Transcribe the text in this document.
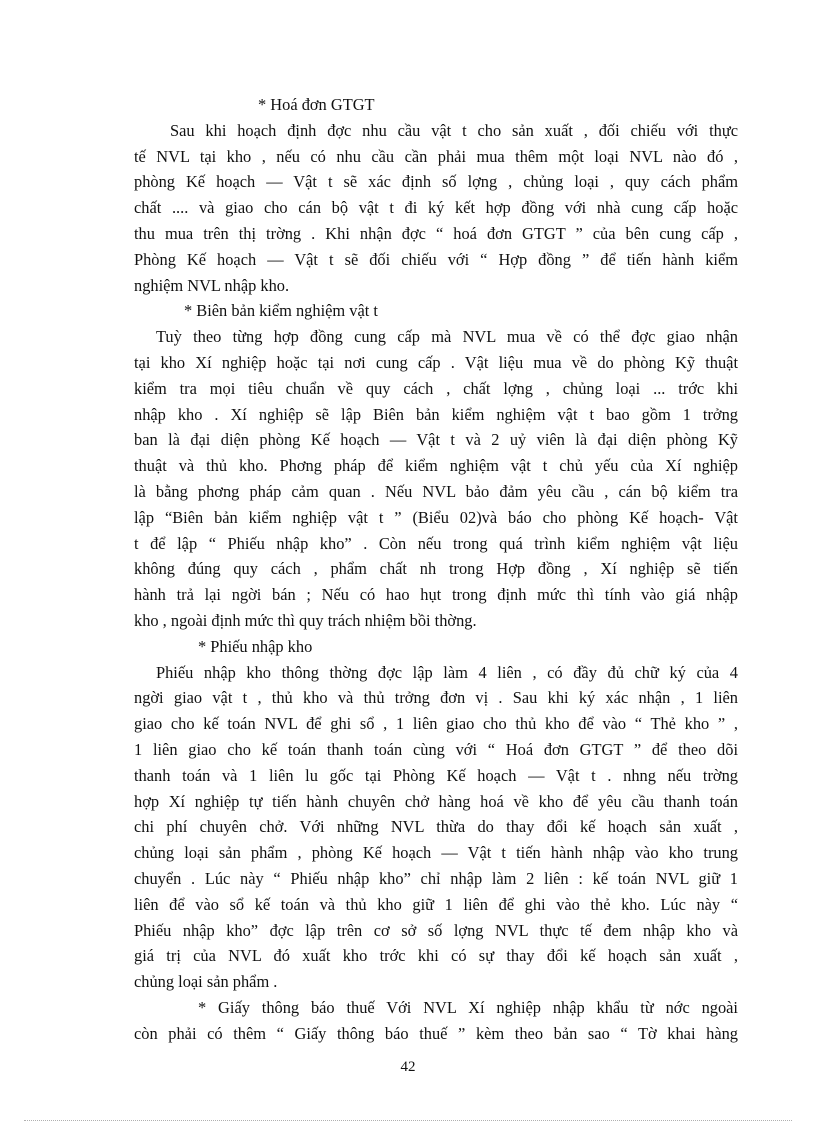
* Hoá đơn GTGT
Sau khi hoạch định đợc nhu cầu vật t cho sản xuất , đối chiếu với thực
tế NVL tại kho , nếu có nhu cầu cần phải mua thêm một loại NVL nào đó ,
phòng Kế hoạch — Vật t sẽ xác định số lợng , chủng loại , quy cách phẩm
chất .... và giao cho cán bộ vật t đi ký kết hợp đồng với nhà cung cấp hoặc
thu mua trên thị trờng . Khi nhận đợc “ hoá đơn GTGT ” của bên cung cấp ,
Phòng Kế hoạch — Vật t sẽ đối chiếu với “ Hợp đồng ” để tiến hành kiểm
nghiệm NVL nhập kho.
* Biên bản kiểm nghiệm vật t
Tuỳ theo từng hợp đồng cung cấp mà NVL mua về có thể đợc giao nhận
tại kho Xí nghiệp hoặc tại nơi cung cấp . Vật liệu mua về do phòng Kỹ thuật
kiểm tra mọi tiêu chuẩn về quy cách , chất lợng , chủng loại ... trớc khi
nhập kho . Xí nghiệp sẽ lập Biên bản kiểm nghiệm vật t bao gồm 1 trởng
ban là đại diện phòng Kế hoạch — Vật t và 2 uỷ viên là đại diện phòng Kỹ
thuật và thủ kho. Phơng pháp để kiểm nghiệm vật t chủ yếu của Xí nghiệp
là bằng phơng pháp cảm quan . Nếu NVL bảo đảm yêu cầu , cán bộ kiểm tra
lập “Biên bản kiểm nghiệp vật t ” (Biểu 02)và báo cho phòng Kế hoạch- Vật
t để lập “ Phiếu nhập kho” . Còn nếu trong quá trình kiểm nghiệm vật liệu
không đúng quy cách , phẩm chất nh trong Hợp đồng , Xí nghiệp sẽ tiến
hành trả lại ngời bán ; Nếu có hao hụt trong định mức thì tính vào giá nhập
kho , ngoài định mức thì quy trách nhiệm bồi thờng.
* Phiếu nhập kho
Phiếu nhập kho thông thờng đợc lập làm 4 liên , có đầy đủ chữ ký của 4
ngời giao vật t , thủ kho và thủ trởng đơn vị . Sau khi ký xác nhận , 1 liên
giao cho kế toán NVL để ghi sổ , 1 liên giao cho thủ kho để vào “ Thẻ kho ” ,
1 liên giao cho kế toán thanh toán cùng với “ Hoá đơn GTGT ” để theo dõi
thanh toán và 1 liên lu gốc tại Phòng Kế hoạch — Vật t . nhng nếu trờng
hợp Xí nghiệp tự tiến hành chuyên chở hàng hoá về kho để yêu cầu thanh toán
chi phí chuyên chở. Với những NVL thừa do thay đổi kế hoạch sản xuất ,
chủng loại sản phẩm , phòng Kế hoạch — Vật t tiến hành nhập vào kho trung
chuyển . Lúc này “ Phiếu nhập kho” chỉ nhập làm 2 liên : kế toán NVL giữ 1
liên để vào sổ kế toán và thủ kho giữ 1 liên để ghi vào thẻ kho. Lúc này “
Phiếu nhập kho” đợc lập trên cơ sở số lợng NVL thực tế đem nhập kho và
giá trị của NVL đó xuất kho trớc khi có sự thay đổi kế hoạch sản xuất ,
chủng loại sản phẩm .
* Giấy thông báo thuế Với NVL Xí nghiệp nhập khẩu từ nớc ngoài
còn phải có thêm “ Giấy thông báo thuế ” kèm theo bản sao “ Tờ khai hàng
42
